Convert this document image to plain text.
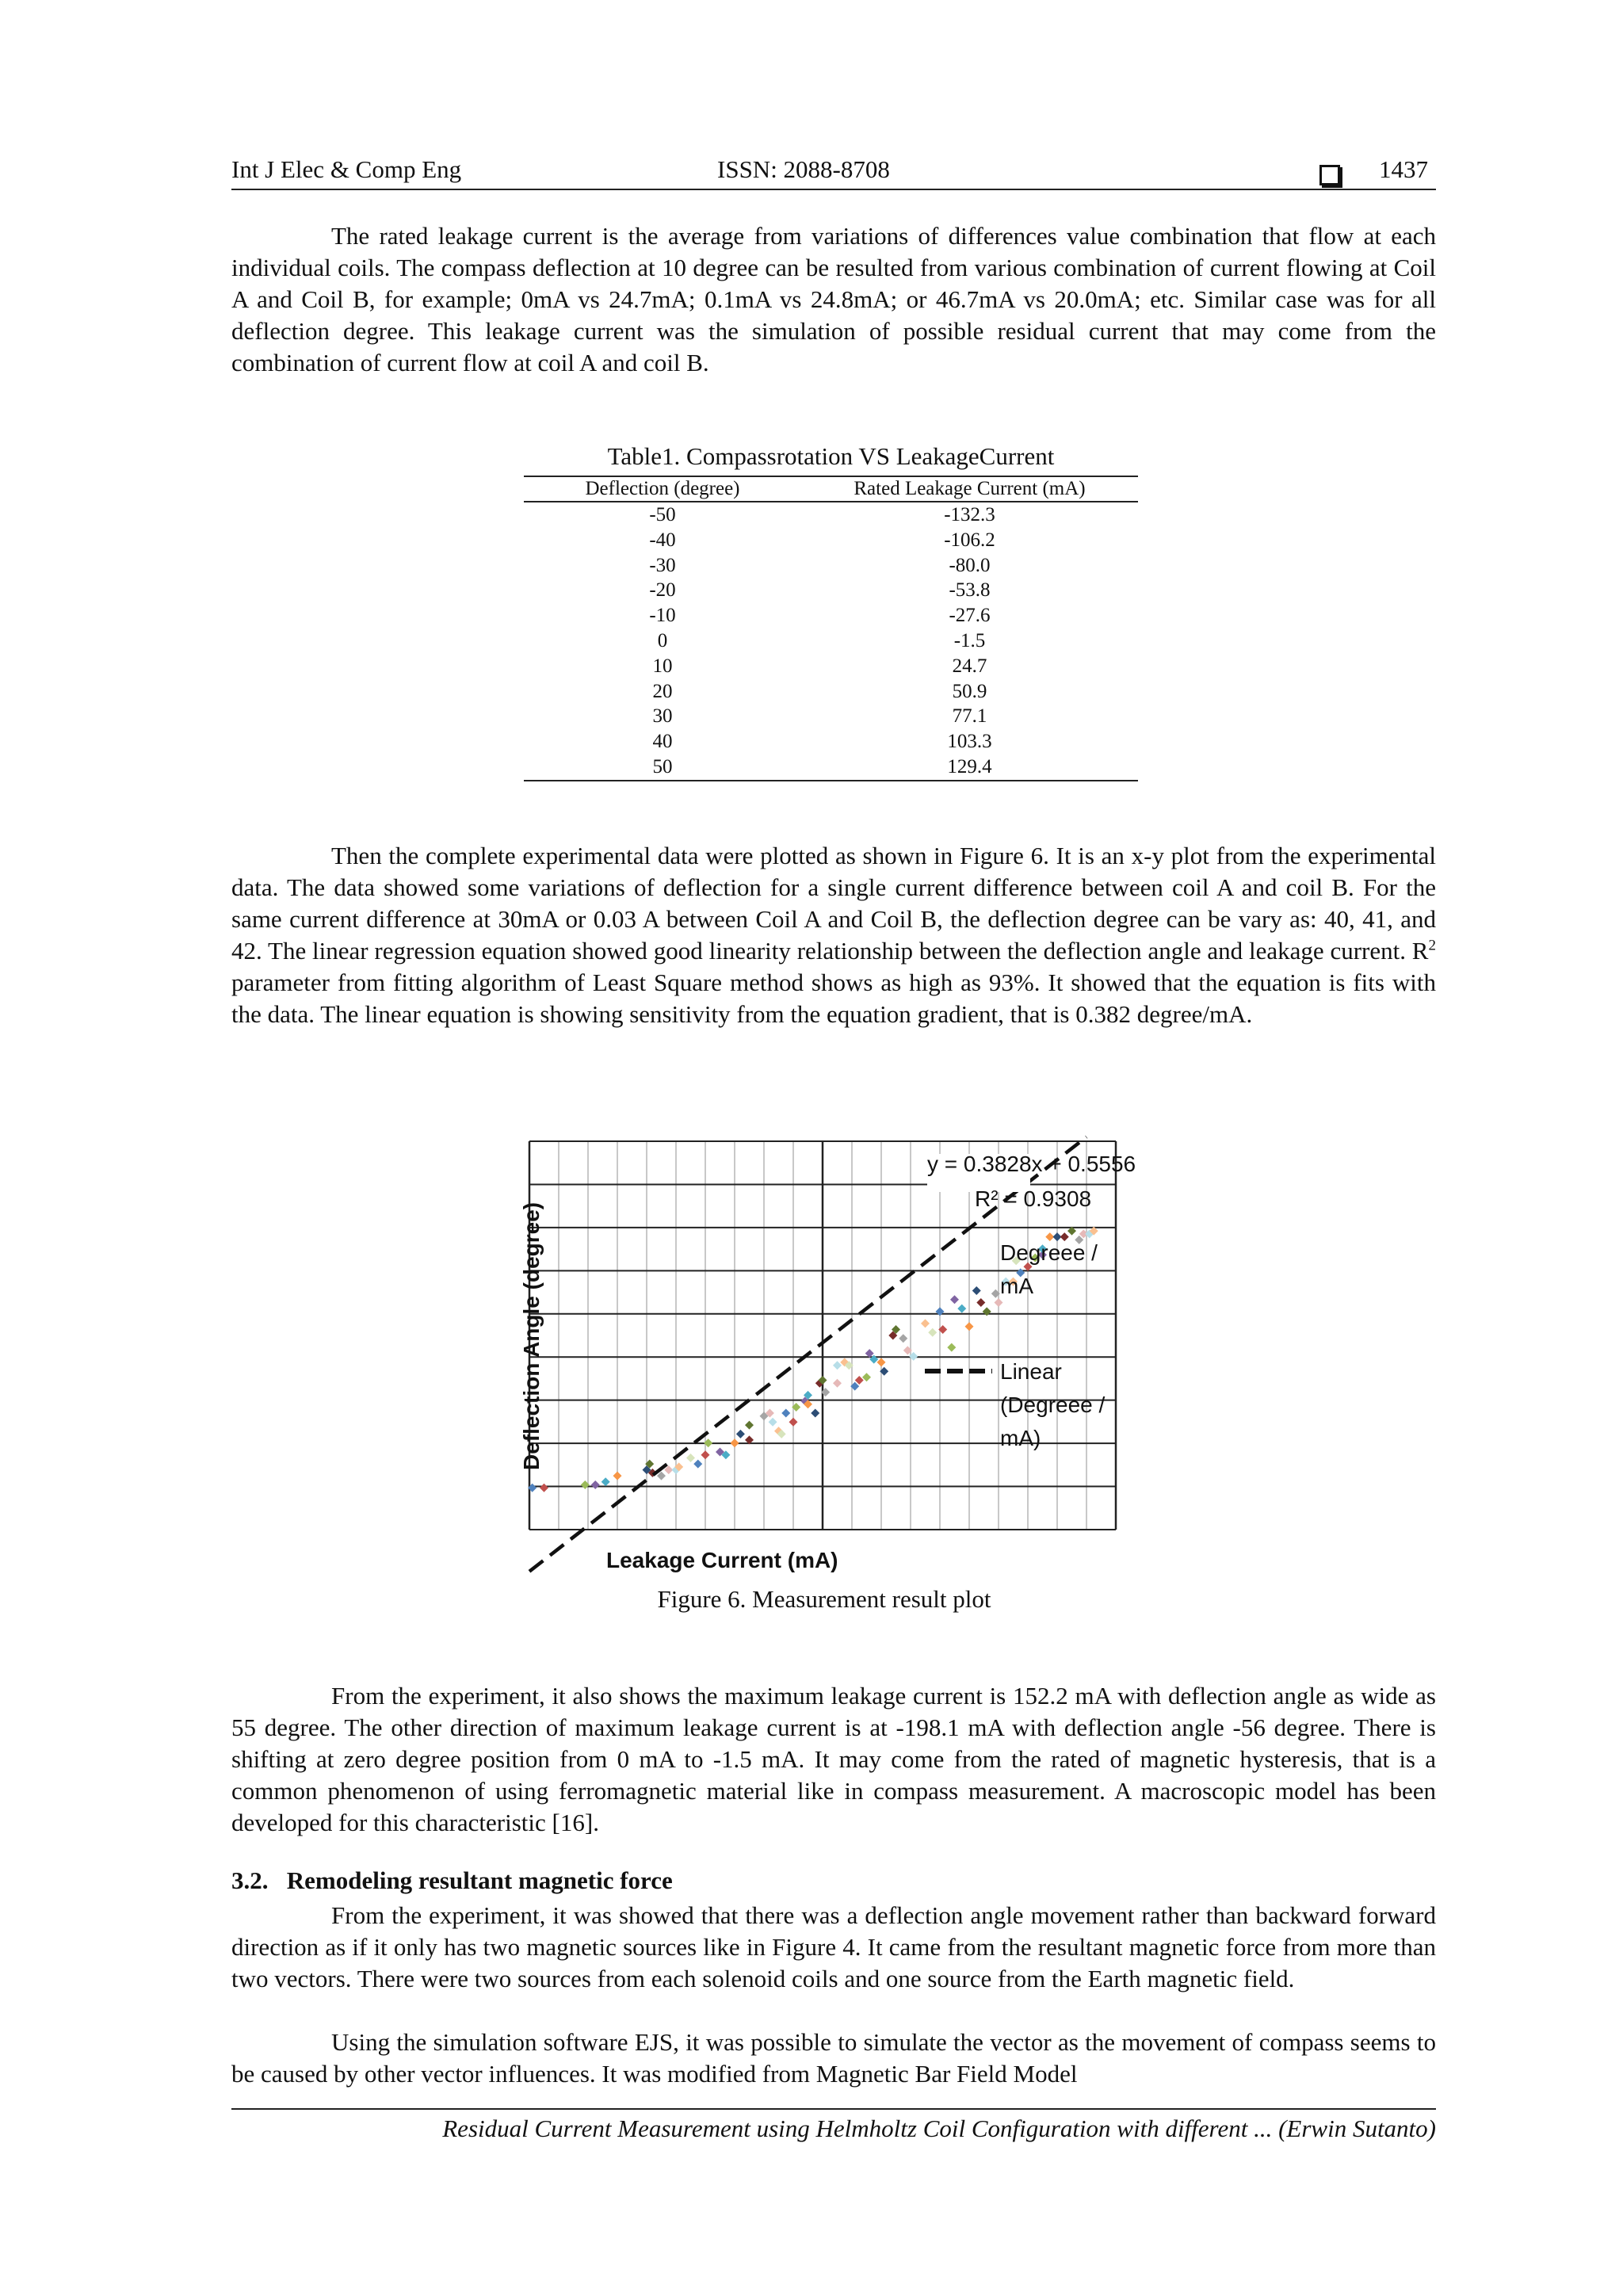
Int J Elec & Comp Eng	ISSN: 2088-8708	1437
The rated leakage current is the average from variations of differences value combination that flow at each individual coils. The compass deflection at 10 degree can be resulted from various combination of current flowing at Coil A and Coil B, for example; 0mA vs 24.7mA; 0.1mA vs 24.8mA; or 46.7mA vs 20.0mA; etc. Similar case was for all deflection degree. This leakage current was the simulation of possible residual current that may come from the combination of current flow at coil A and coil B.
Table1. Compassrotation VS LeakageCurrent
Deflection (degree)	Rated Leakage Current (mA)
-50	-132.3
-40	-106.2
-30	-80.0
-20	-53.8
-10	-27.6
0	-1.5
10	24.7
20	50.9
30	77.1
40	103.3
50	129.4
Then the complete experimental data were plotted as shown in Figure 6. It is an x-y plot from the experimental data. The data showed some variations of deflection for a single current difference between coil A and coil B. For the same current difference at 30mA or 0.03 A between Coil A and Coil B, the deflection degree can be vary as: 40, 41, and 42. The linear regression equation showed good linearity relationship between the deflection angle and leakage current. $R^2$ parameter from fitting algorithm of Least Square method shows as high as 93%. It showed that the equation is fits with the data. The linear equation is showing sensitivity from the equation gradient, that is 0.382 degree/mA.
y = 0.3828x + 0.5556
R² = 0.9308
Degreee /
mA
Linear
(Degreee /
mA)
Leakage Current (mA)
Deflection Angle (degree)
Figure 6. Measurement result plot
From the experiment, it also shows the maximum leakage current is 152.2 mA with deflection angle as wide as 55 degree. The other direction of maximum leakage current is at -198.1 mA with deflection angle -56 degree. There is shifting at zero degree position from 0 mA to -1.5 mA. It may come from the rated of magnetic hysteresis, that is a common phenomenon of using ferromagnetic material like in compass measurement. A macroscopic model has been developed for this characteristic [16].
3.2. Remodeling resultant magnetic force
From the experiment, it was showed that there was a deflection angle movement rather than backward forward direction as if it only has two magnetic sources like in Figure 4. It came from the resultant magnetic force from more than two vectors. There were two sources from each solenoid coils and one source from the Earth magnetic field.
Using the simulation software EJS, it was possible to simulate the vector as the movement of compass seems to be caused by other vector influences. It was modified from Magnetic Bar Field Model
Residual Current Measurement using Helmholtz Coil Configuration with different ... (Erwin Sutanto)
